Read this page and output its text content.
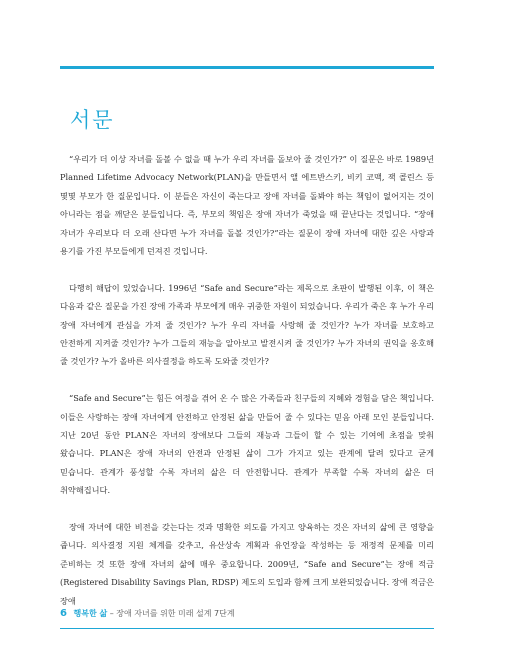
서문

“우리가 더 이상 자녀를 돌볼 수 없을 때 누가 우리 자녀를 돌보아 줄 것인가?” 이 질문은 바로 1989년 Planned Lifetime Advocacy Network(PLAN)을 만들면서 앨 에트반스키, 비키 코맥, 잭 콜린스 등 몇몇 부모가 한 질문입니다. 이 분들은 자신이 죽는다고 장애 자녀를 돌봐야 하는 책임이 없어지는 것이 아니라는 점을 깨닫은 분들입니다. 즉, 부모의 책임은 장애 자녀가 죽었을 때 끝난다는 것입니다. “장애 자녀가 우리보다 더 오래 산다면 누가 자녀를 돌볼 것인가?”라는 질문이 장애 자녀에 대한 깊은 사랑과 용기를 가진 부모들에게 던져진 것입니다.

다행히 해답이 있었습니다. 1996년 “Safe and Secure”라는 제목으로 초판이 발행된 이후, 이 책은 다음과 같은 질문을 가진 장애 가족과 부모에게 매우 귀중한 자원이 되었습니다. 우리가 죽은 후 누가 우리 장애 자녀에게 관심을 가져 줄 것인가? 누가 우리 자녀를 사랑해 줄 것인가? 누가 자녀를 보호하고 안전하게 지켜줄 것인가? 누가 그들의 재능을 알아보고 발전시켜 줄 것인가? 누가 자녀의 권익을 옹호해 줄 것인가? 누가 올바른 의사결정을 하도록 도와줄 것인가?

“Safe and Secure”는 힘든 여정을 겪어 온 수 많은 가족들과 친구들의 지혜와 경험을 담은 책입니다. 이들은 사랑하는 장애 자녀에게 안전하고 안정된 삶을 만들어 줄 수 있다는 믿음 아래 모인 분들입니다. 지난 20년 동안 PLAN은 자녀의 장애보다 그들의 재능과 그들이 할 수 있는 기여에 초점을 맞춰 왔습니다. PLAN은 장애 자녀의 안전과 안정된 삶이 그가 가지고 있는 관계에 달려 있다고 굳게 믿습니다. 관계가 풍성할 수록 자녀의 삶은 더 안전합니다. 관계가 부족할 수록 자녀의 삶은 더 취약해집니다.

장애 자녀에 대한 비전을 갖는다는 것과 명확한 의도를 가지고 양육하는 것은 자녀의 삶에 큰 영향을 줍니다. 의사결정 지원 체계를 갖추고, 유산상속 계획과 유언장을 작성하는 등 재정적 문제를 미리 준비하는 것 또한 장애 자녀의 삶에 매우 중요합니다. 2009년, “Safe and Secure”는 장애 적금(Registered Disability Savings Plan, RDSP) 제도의 도입과 함께 크게 보완되었습니다. 장애 적금은 장애

6 행복한 삶 – 장애 자녀를 위한 미래 설계 7단계
